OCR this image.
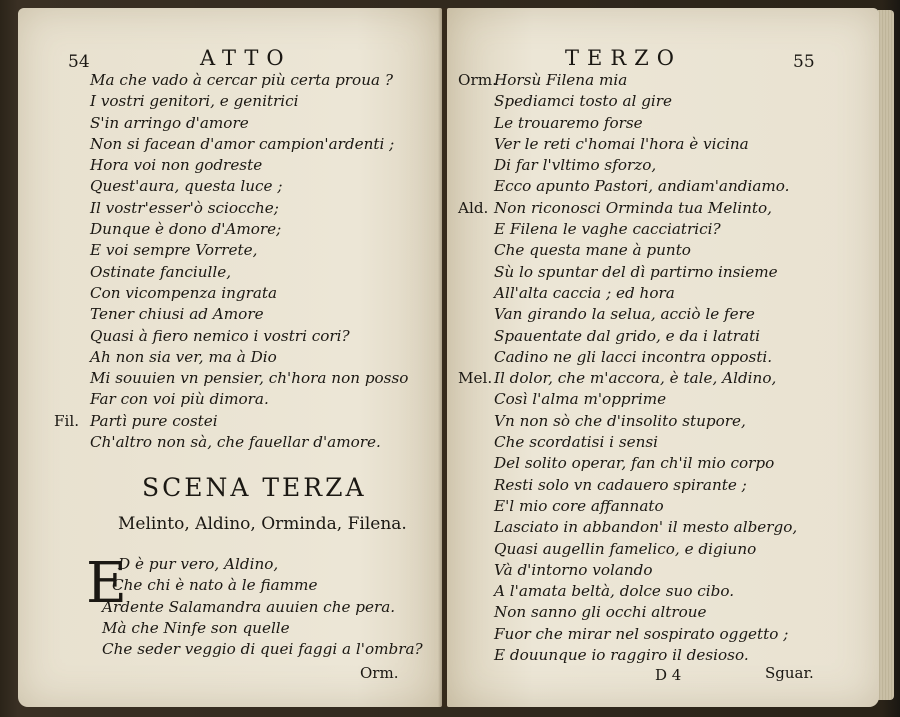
54	ATTO
Ma che vado à cercar più certa proua ?
I vostri genitori, e genitrici
S'in arringo d'amore
Non si facean d'amor campion'ardenti ;
Hora voi non godreste
Quest'aura, questa luce ;
Il vostr'esser'ò sciocche;
Dunque è dono d'Amore;
E voi sempre Vorrete,
Ostinate fanciulle,
Con vicompenza ingrata
Tener chiusi ad Amore
Quasi à fiero nemico i vostri cori?
Ah non sia ver, ma à Dio
Mi souuien vn pensier, ch'hora non posso
Far con voi più dimora.
Fil. Partì pure costei
Ch'altro non sà, che fauellar d'amore.
SCENA TERZA
Melinto, Aldino, Orminda, Filena.
E
D è pur vero, Aldino,
Che chi è nato à le fiamme
Ardente Salamandra auuien che pera.
Mà che Ninfe son quelle
Che seder veggio di quei faggi a l'ombra?
Orm.
TERZO	55
Orm.Horsù Filena mia
Spediamci tosto al gire
Le trouaremo forse
Ver le reti c'homai l'hora è vicina
Di far l'vltimo sforzo,
Ecco apunto Pastori, andiam'andiamo.
Ald. Non riconosci Orminda tua Melinto,
E Filena le vaghe cacciatrici?
Che questa mane à punto
Sù lo spuntar del dì partirno insieme
All'alta caccia ; ed hora
Van girando la selua, acciò le fere
Spauentate dal grido, e da i latrati
Cadino ne gli lacci incontra opposti.
Mel. Il dolor, che m'accora, è tale, Aldino,
Così l'alma m'opprime
Vn non sò che d'insolito stupore,
Che scordatisi i sensi
Del solito operar, fan ch'il mio corpo
Resti solo vn cadauero spirante ;
E'l mio core affannato
Lasciato in abbandon' il mesto albergo,
Quasi augellin famelico, e digiuno
Và d'intorno volando
A l'amata beltà, dolce suo cibo.
Non sanno gli occhi altroue
Fuor che mirar nel sospirato oggetto ;
E douunque io raggiro il desioso.
D 4	Sguar.
